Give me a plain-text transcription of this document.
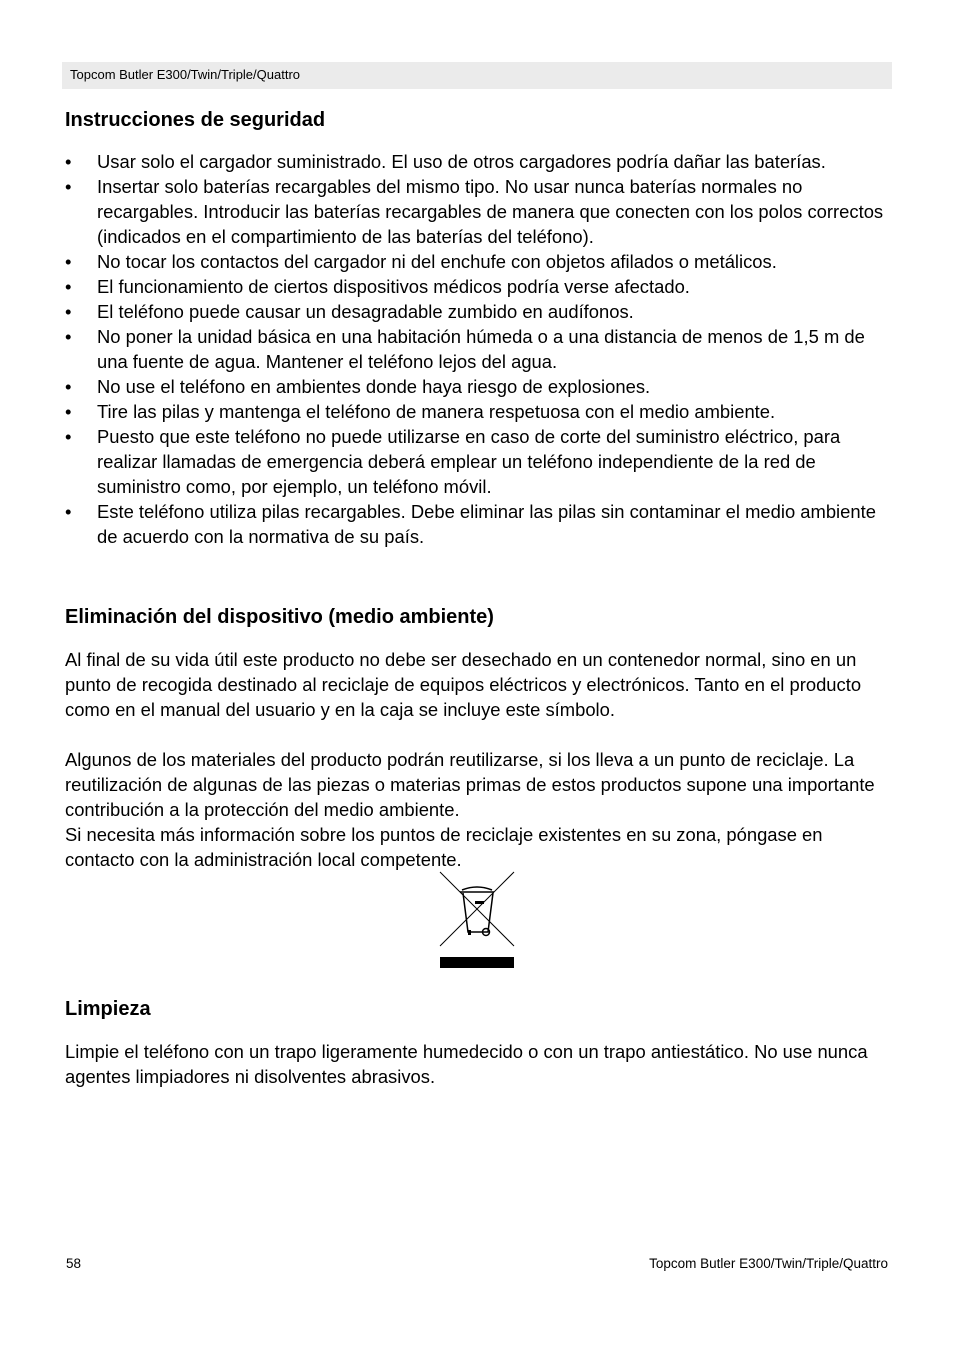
Topcom Butler E300/Twin/Triple/Quattro
Instrucciones de seguridad
•	Usar solo el cargador suministrado. El uso de otros cargadores podría dañar las baterías.
•	Insertar solo baterías recargables del mismo tipo. No usar nunca baterías normales no recargables. Introducir las baterías recargables de manera que conecten con los polos correctos (indicados en el compartimiento de las baterías del teléfono).
•	No tocar los contactos del cargador ni del enchufe con objetos afilados o metálicos.
•	El funcionamiento de ciertos dispositivos médicos podría verse afectado.
•	El teléfono puede causar un desagradable zumbido en audífonos.
•	No poner la unidad básica en una habitación húmeda o a una distancia de menos de 1,5 m de una fuente de agua. Mantener el teléfono lejos del agua.
•	No use el teléfono en ambientes donde haya riesgo de explosiones.
•	Tire las pilas y mantenga el teléfono de manera respetuosa con el medio ambiente.
•	Puesto que este teléfono no puede utilizarse en caso de corte del suministro eléctrico, para realizar llamadas de emergencia deberá emplear un teléfono independiente de la red de suministro como, por ejemplo, un teléfono móvil.
•	Este teléfono utiliza pilas recargables. Debe eliminar las pilas sin contaminar el medio ambiente de acuerdo con la normativa de su país.
Eliminación del dispositivo (medio ambiente)

Al final de su vida útil este producto no debe ser desechado en un contenedor normal, sino en un punto de recogida destinado al reciclaje de equipos eléctricos y electrónicos. Tanto en el producto como en el manual del usuario y en la caja se incluye este símbolo.

Algunos de los materiales del producto podrán reutilizarse, si los lleva a un punto de reciclaje. La reutilización de algunas de las piezas o materias primas de estos productos supone una importante contribución a la protección del medio ambiente.

Si necesita más información sobre los puntos de reciclaje existentes en su zona, póngase en contacto con la administración local competente.

Limpieza

Limpie el teléfono con un trapo ligeramente humedecido o con un trapo antiestático. No use nunca agentes limpiadores ni disolventes abrasivos.

58	Topcom Butler E300/Twin/Triple/Quattro
